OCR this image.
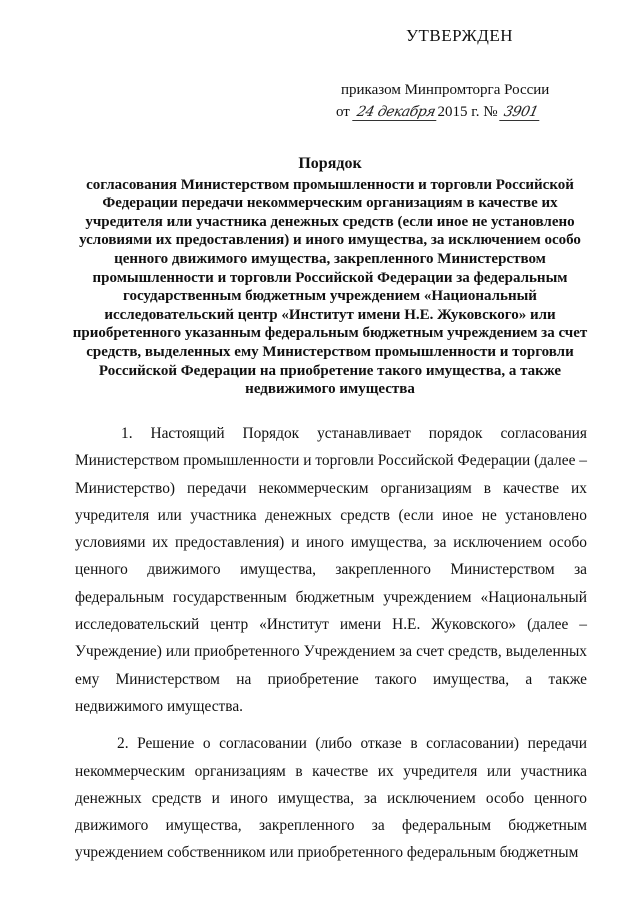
УТВЕРЖДЕН
приказом Минпромторга России
от 24 декабря2015 г. № 3901
Порядок
согласования Министерством промышленности и торговли Российской Федерации передачи некоммерческим организациям в качестве их учредителя или участника денежных средств (если иное не установлено условиями их предоставления) и иного имущества, за исключением особо ценного движимого имущества, закрепленного Министерством промышленности и торговли Российской Федерации за федеральным государственным бюджетным учреждением «Национальный исследовательский центр «Институт имени Н.Е. Жуковского» или приобретенного указанным федеральным бюджетным учреждением за счет средств, выделенных ему Министерством промышленности и торговли Российской Федерации на приобретение такого имущества, а также недвижимого имущества

1. Настоящий Порядок устанавливает порядок согласования Министерством промышленности и торговли Российской Федерации (далее – Министерство) передачи некоммерческим организациям в качестве их учредителя или участника денежных средств (если иное не установлено условиями их предоставления) и иного имущества, за исключением особо ценного движимого имущества, закрепленного Министерством за федеральным государственным бюджетным учреждением «Национальный исследовательский центр «Институт имени Н.Е. Жуковского» (далее – Учреждение) или приобретенного Учреждением за счет средств, выделенных ему Министерством на приобретение такого имущества, а также недвижимого имущества.

2. Решение о согласовании (либо отказе в согласовании) передачи некоммерческим организациям в качестве их учредителя или участника денежных средств и иного имущества, за исключением особо ценного движимого имущества, закрепленного за федеральным бюджетным учреждением собственником или приобретенного федеральным бюджетным
